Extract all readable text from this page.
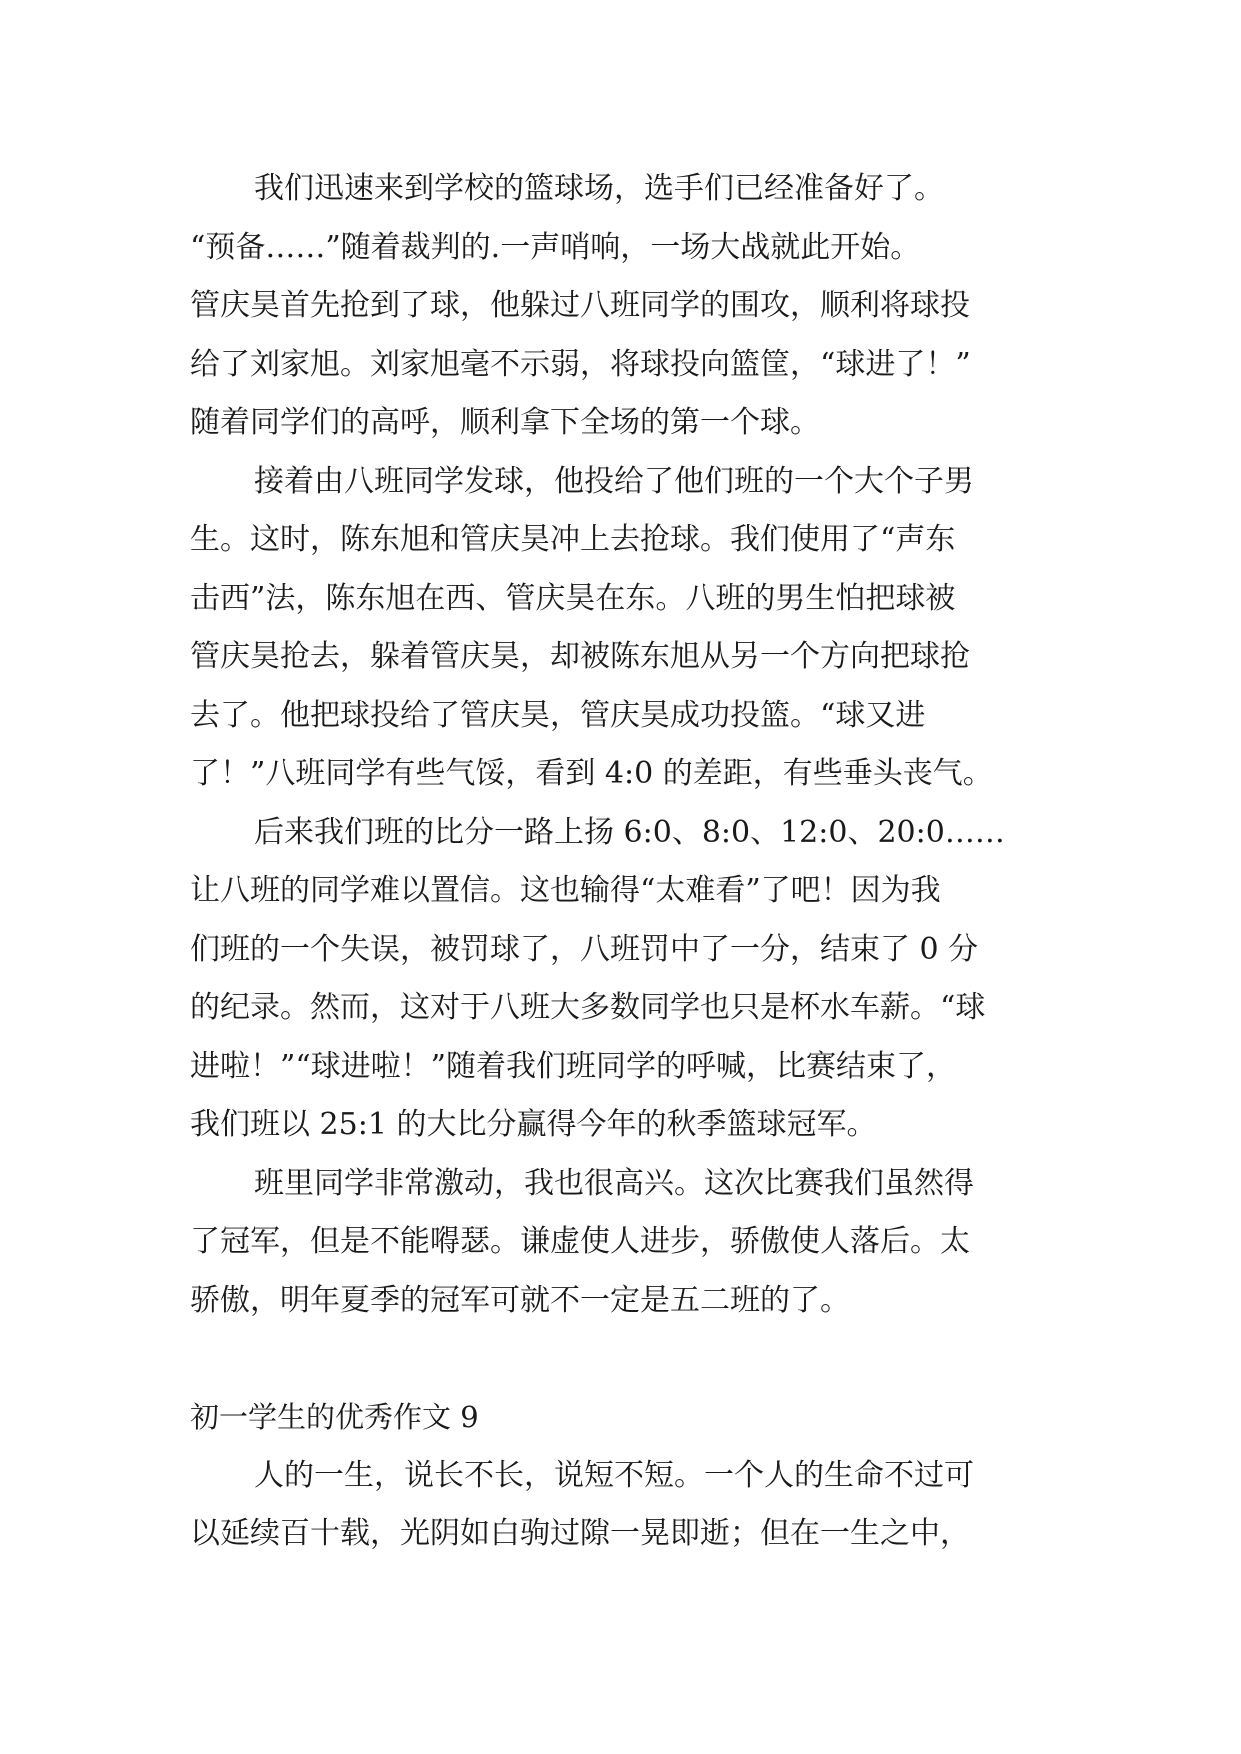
我们迅速来到学校的篮球场，选手们已经准备好了。
“预备……”随着裁判的.一声哨响，一场大战就此开始。
管庆昊首先抢到了球，他躲过八班同学的围攻，顺利将球投
给了刘家旭。刘家旭毫不示弱，将球投向篮筐，“球进了！”
随着同学们的高呼，顺利拿下全场的第一个球。
接着由八班同学发球，他投给了他们班的一个大个子男
生。这时，陈东旭和管庆昊冲上去抢球。我们使用了“声东
击西”法，陈东旭在西、管庆昊在东。八班的男生怕把球被
管庆昊抢去，躲着管庆昊，却被陈东旭从另一个方向把球抢
去了。他把球投给了管庆昊，管庆昊成功投篮。“球又进
了！”八班同学有些气馁，看到 4:0 的差距，有些垂头丧气。
后来我们班的比分一路上扬 6:0、8:0、12:0、20:0……
让八班的同学难以置信。这也输得“太难看”了吧！因为我
们班的一个失误，被罚球了，八班罚中了一分，结束了 0 分
的纪录。然而，这对于八班大多数同学也只是杯水车薪。“球
进啦！”“球进啦！”随着我们班同学的呼喊，比赛结束了，
我们班以 25:1 的大比分赢得今年的秋季篮球冠军。
班里同学非常激动，我也很高兴。这次比赛我们虽然得
了冠军，但是不能嘚瑟。谦虚使人进步，骄傲使人落后。太
骄傲，明年夏季的冠军可就不一定是五二班的了。
初一学生的优秀作文 9
人的一生，说长不长，说短不短。一个人的生命不过可
以延续百十载，光阴如白驹过隙一晃即逝；但在一生之中，
